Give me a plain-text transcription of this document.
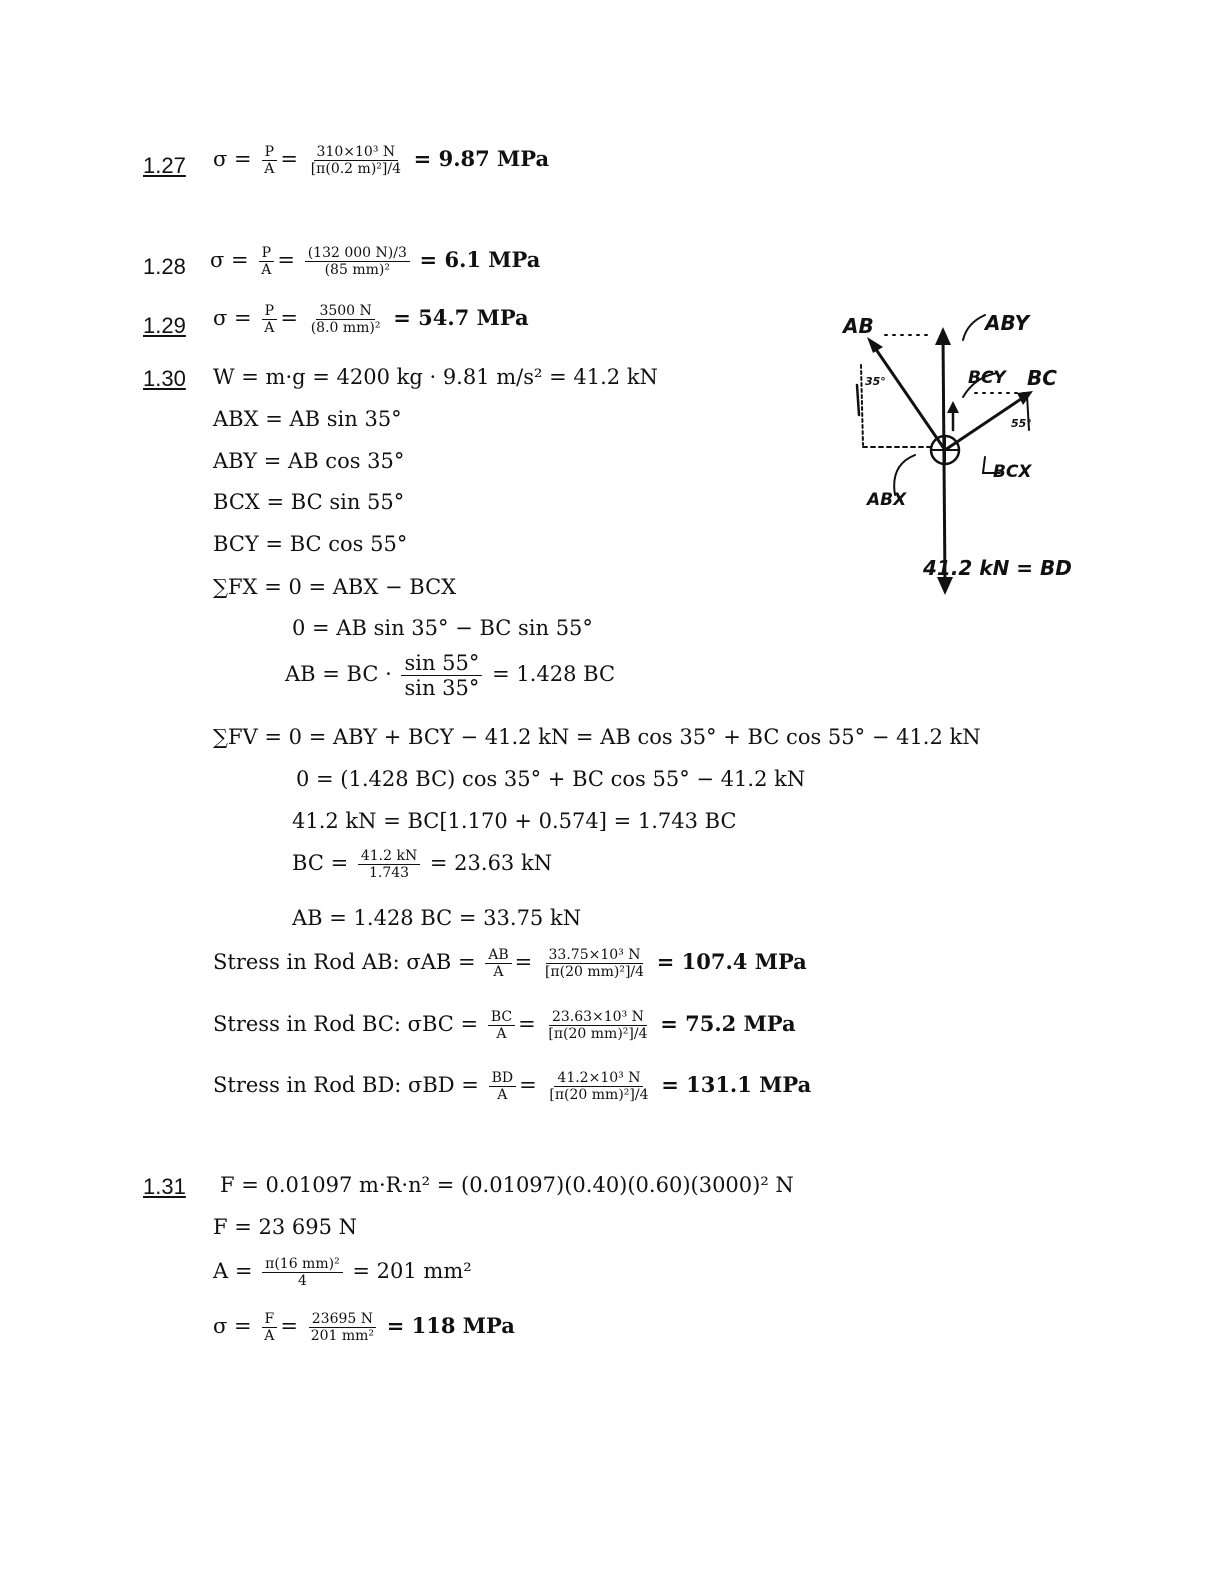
1.27 $\sigma = \frac{P}{A} = \frac{\text{310×10³ N}}{\text{[π(0.2 m)²]/4}} = 9.87$ MPa
1.28 $\sigma = \frac{P}{A} = \frac{(132 000 N)/3}{\text{(85 mm)²}} = 6.1$ MPa
1.29 $\sigma = \frac{P}{A} = \frac{3500 N}{\text{(8.0 mm)²}} = 54.7$ MPa
1.30 W = m·g = 4200 kg · 9.81 m/s² = 41.2 kN
ABX = AB sin 35°
ABY = AB cos 35°
BCX = BC sin 55°
BCY = BC cos 55°
∑FX = 0 = ABX − BCX
0 = AB sin 35° − BC sin 55°
AB = BC · $\frac{\sin 55^\circ}{\sin 35^\circ} = 1.428$ BC
∑FV = 0 = ABY + BCY − 41.2 kN = AB cos 35° + BC cos 55° − 41.2 kN
0 = (1.428 BC) cos 35° + BC cos 55° − 41.2 kN
41.2 kN = BC[1.170 + 0.574] = 1.743 BC
BC = $\frac{41.2 kN}{1.743} = 23.63$ kN
AB = 1.428 BC = 33.75 kN
Stress in Rod AB: $\sigma AB = \frac{AB}{A} = \frac{\text{33.75×10³ N}}{\text{[π(20 mm)²]/4}} = 107.4$ MPa
Stress in Rod BC: $\sigma BC = \frac{BC}{A} = \frac{\text{23.63×10³ N}}{\text{[π(20 mm)²]/4}} = 75.2$ MPa
Stress in Rod BD: $\sigma BD = \frac{BD}{A} = \frac{\text{41.2×10³ N}}{\text{[π(20 mm)²]/4}} = 131.1$ MPa
AB	ABY
BCY BC
35°
55°
BCX
ABX
41.2 kN = BD
1.31 F = 0.01097 m·R·n² = (0.01097)(0.40)(0.60)(3000)² N
F = 23 695 N
$A = \frac{\text{π(16 mm)²}}{4} = 201$ mm²
$\sigma = \frac{F}{A} = \frac{23695 N}{\text{201 mm²}} = 118$ MPa
